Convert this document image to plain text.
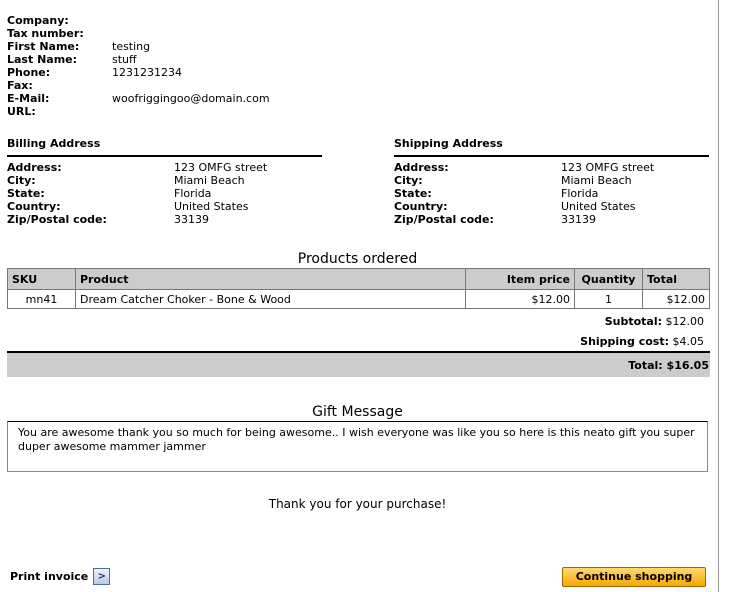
Company:
Tax number:
First Name:	testing
Last Name:	stuff
Phone:	1231231234
Fax:
E-Mail:	woofriggingoo@domain.com
URL:
Billing Address
Address:	123 OMFG street
City:	Miami Beach
State:	Florida
Country:	United States
Zip/Postal code:	33139
Shipping Address
Address:	123 OMFG street
City:	Miami Beach
State:	Florida
Country:	United States
Zip/Postal code:	33139
Products ordered
SKU	Product	Item price	Quantity	Total
mn41	Dream Catcher Choker - Bone & Wood	$12.00	1	$12.00
Subtotal: $12.00
Shipping cost: $4.05
Total: $16.05
Gift Message
You are awesome thank you so much for being awesome.. I wish everyone was like you so here is this neato gift you super duper awesome mammer jammer
Thank you for your purchase!
Print invoice >	Continue shopping
